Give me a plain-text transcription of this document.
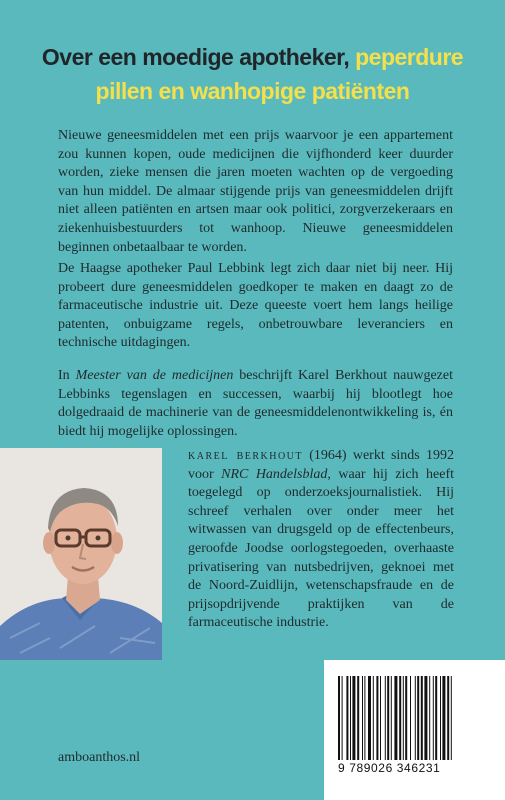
Over een moedige apotheker, peperdure
pillen en wanhopige patiënten

Nieuwe geneesmiddelen met een prijs waarvoor je een appartement zou kunnen kopen, oude medicijnen die vijfhonderd keer duurder worden, zieke mensen die jaren moeten wachten op de vergoeding van hun middel. De almaar stijgende prijs van geneesmiddelen drijft niet alleen patiënten en artsen maar ook politici, zorgverzekeraars en ziekenhuisbestuurders tot wanhoop. Nieuwe geneesmiddelen beginnen onbetaalbaar te worden.

De Haagse apotheker Paul Lebbink legt zich daar niet bij neer. Hij probeert dure geneesmiddelen goedkoper te maken en daagt zo de farmaceutische industrie uit. Deze queeste voert hem langs heilige patenten, onbuigzame regels, onbetrouwbare leveranciers en technische uitdagingen.

In Meester van de medicijnen beschrijft Karel Berkhout nauwgezet Lebbinks tegenslagen en successen, waarbij hij blootlegt hoe dolgedraaid de machinerie van de geneesmiddelenontwikkeling is, én biedt hij mogelijke oplossingen.

karel berkhout (1964) werkt sinds 1992 voor NRC Handelsblad, waar hij zich heeft toegelegd op onderzoeksjournalistiek. Hij schreef verhalen over onder meer het witwassen van drugsgeld op de effectenbeurs, geroofde Joodse oorlogstegoeden, overhaaste privatisering van nutsbedrijven, geknoei met de Noord-Zuidlijn, wetenschapsfraude en de prijsopdrijvende praktijken van de farmaceutische industrie.

9 789026 346231
amboanthos.nl
